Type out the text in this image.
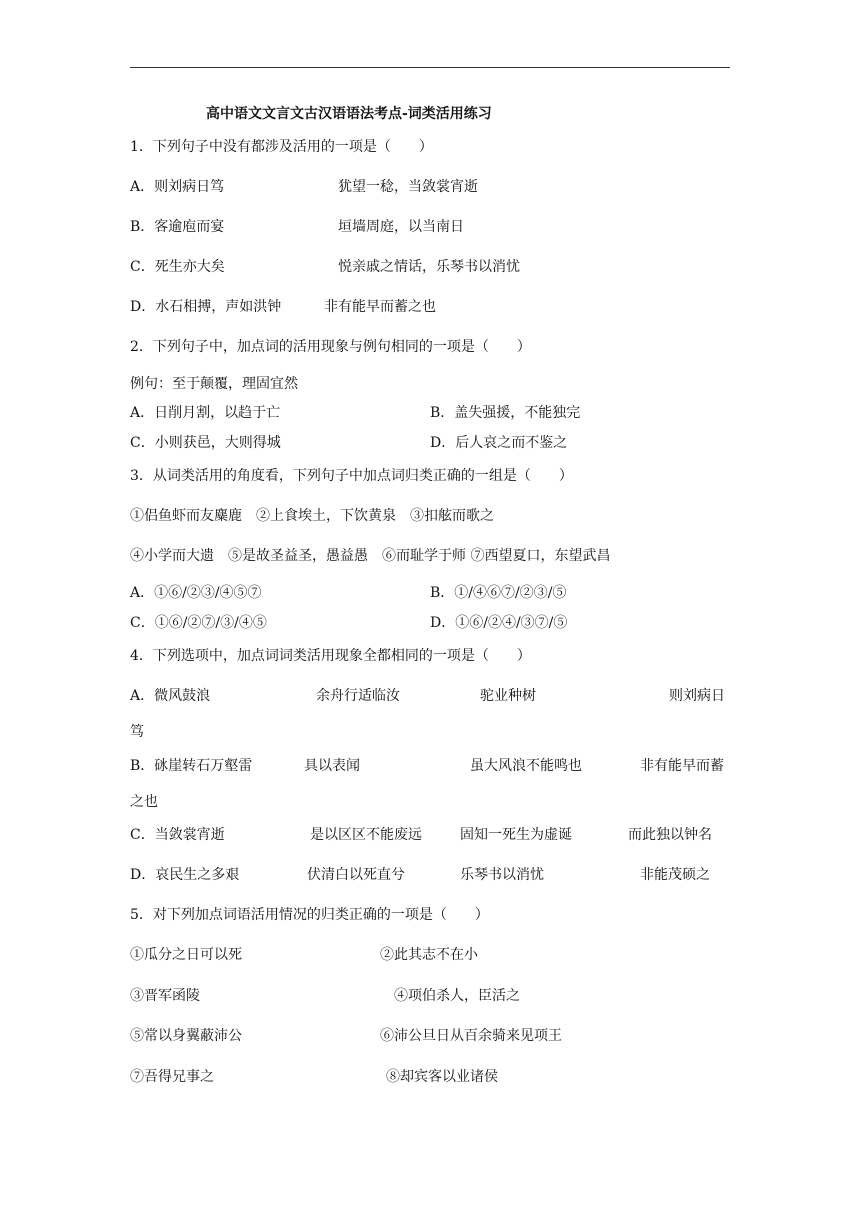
高中语文文言文古汉语语法考点-词类活用练习
1．下列句子中没有都涉及活用的一项是（　　）
A．则刘病日笃	犹望一稔，当敛裳宵逝
B．客逾庖而宴	垣墙周庭，以当南日
C．死生亦大矣	悦亲戚之情话，乐琴书以消忧
D．水石相搏，声如洪钟	非有能早而蓄之也
2．下列句子中，加点词的活用现象与例句相同的一项是（　　）
例句：至于颠覆，理固宜然
A．日削月割，以趋于亡	B．盖失强援，不能独完
C．小则获邑，大则得城	D．后人哀之而不鉴之
3．从词类活用的角度看，下列句子中加点词归类正确的一组是（　　）
①侣鱼虾而友麋鹿　②上食埃土，下饮黄泉　③扣舷而歌之
④小学而大遗　⑤是故圣益圣，愚益愚　⑥而耻学于师 ⑦西望夏口，东望武昌
A．①⑥/②③/④⑤⑦	B．①/④⑥⑦/②③/⑤
C．①⑥/②⑦/③/④⑤	D．①⑥/②④/③⑦/⑤
4．下列选项中，加点词词类活用现象全都相同的一项是（　　）
A．微风鼓浪	余舟行适临汝	驼业种树	则刘病日
笃
B．砯崖转石万壑雷	具以表闻	虽大风浪不能鸣也	非有能早而蓄
之也
C．当敛裳宵逝	是以区区不能废远	固知一死生为虚诞	而此独以钟名
D．哀民生之多艰	伏清白以死直兮	乐琴书以消忧	非能茂硕之
5．对下列加点词语活用情况的归类正确的一项是（　　）
①瓜分之日可以死	②此其志不在小
③晋军函陵	④项伯杀人，臣活之
⑤常以身翼蔽沛公	⑥沛公旦日从百余骑来见项王
⑦吾得兄事之	⑧却宾客以业诸侯
